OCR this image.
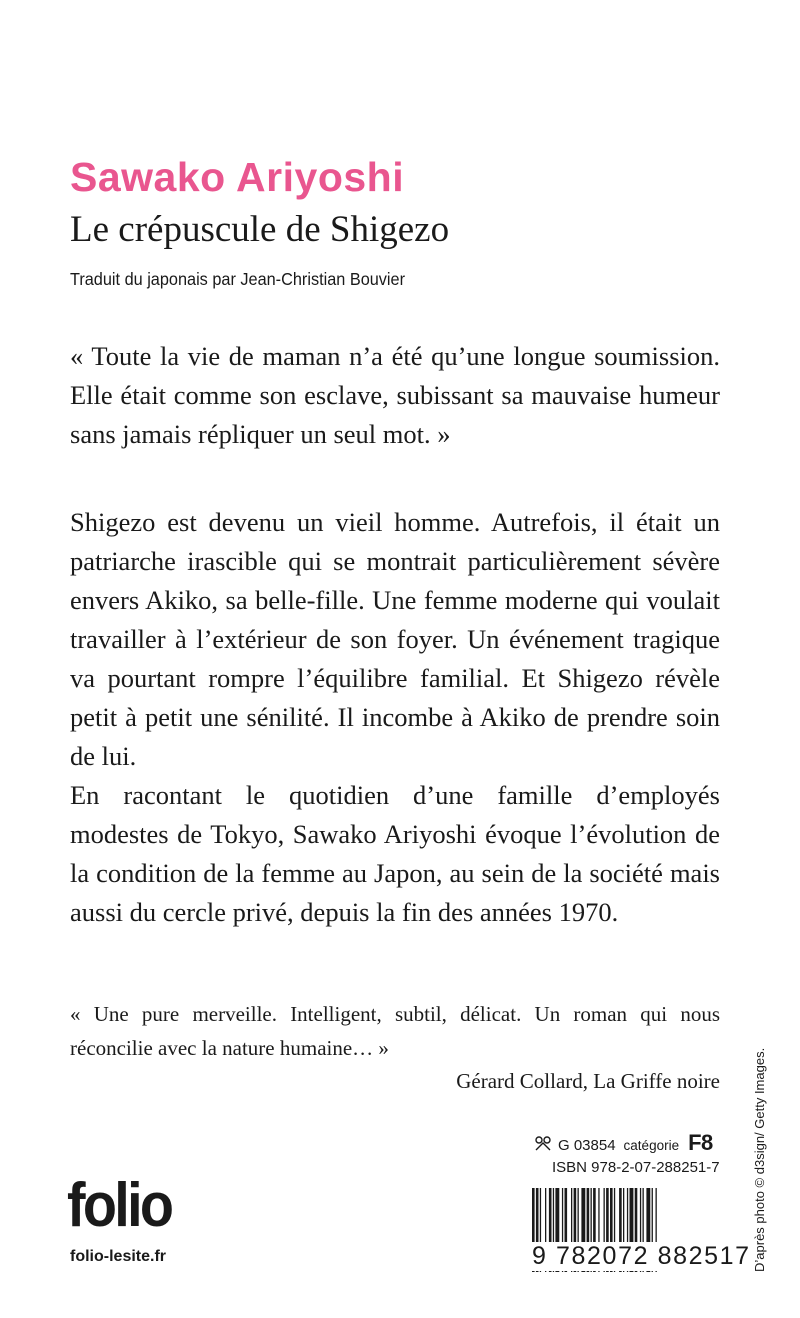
Sawako Ariyoshi
Le crépuscule de Shigezo
Traduit du japonais par Jean-Christian Bouvier

« Toute la vie de maman n’a été qu’une longue soumission. Elle était comme son esclave, subissant sa mauvaise humeur sans jamais répliquer un seul mot. »

Shigezo est devenu un vieil homme. Autrefois, il était un patriarche irascible qui se montrait particulièrement sévère envers Akiko, sa belle-fille. Une femme moderne qui voulait travailler à l’extérieur de son foyer. Un événement tragique va pourtant rompre l’équilibre familial. Et Shigezo révèle petit à petit une sénilité. Il incombe à Akiko de prendre soin de lui.

En racontant le quotidien d’une famille d’employés modestes de Tokyo, Sawako Ariyoshi évoque l’évolution de la condition de la femme au Japon, au sein de la société mais aussi du cercle privé, depuis la fin des années 1970.

« Une pure merveille. Intelligent, subtil, délicat. Un roman qui nous réconcilie avec la nature humaine… »

Gérard Collard, La Griffe noire
G 03854 catégorie F8
ISBN 978-2-07-288251-7
folio
folio-lesite.fr	9 782072 882517 D’après photo © d3sign/ Getty Images.
